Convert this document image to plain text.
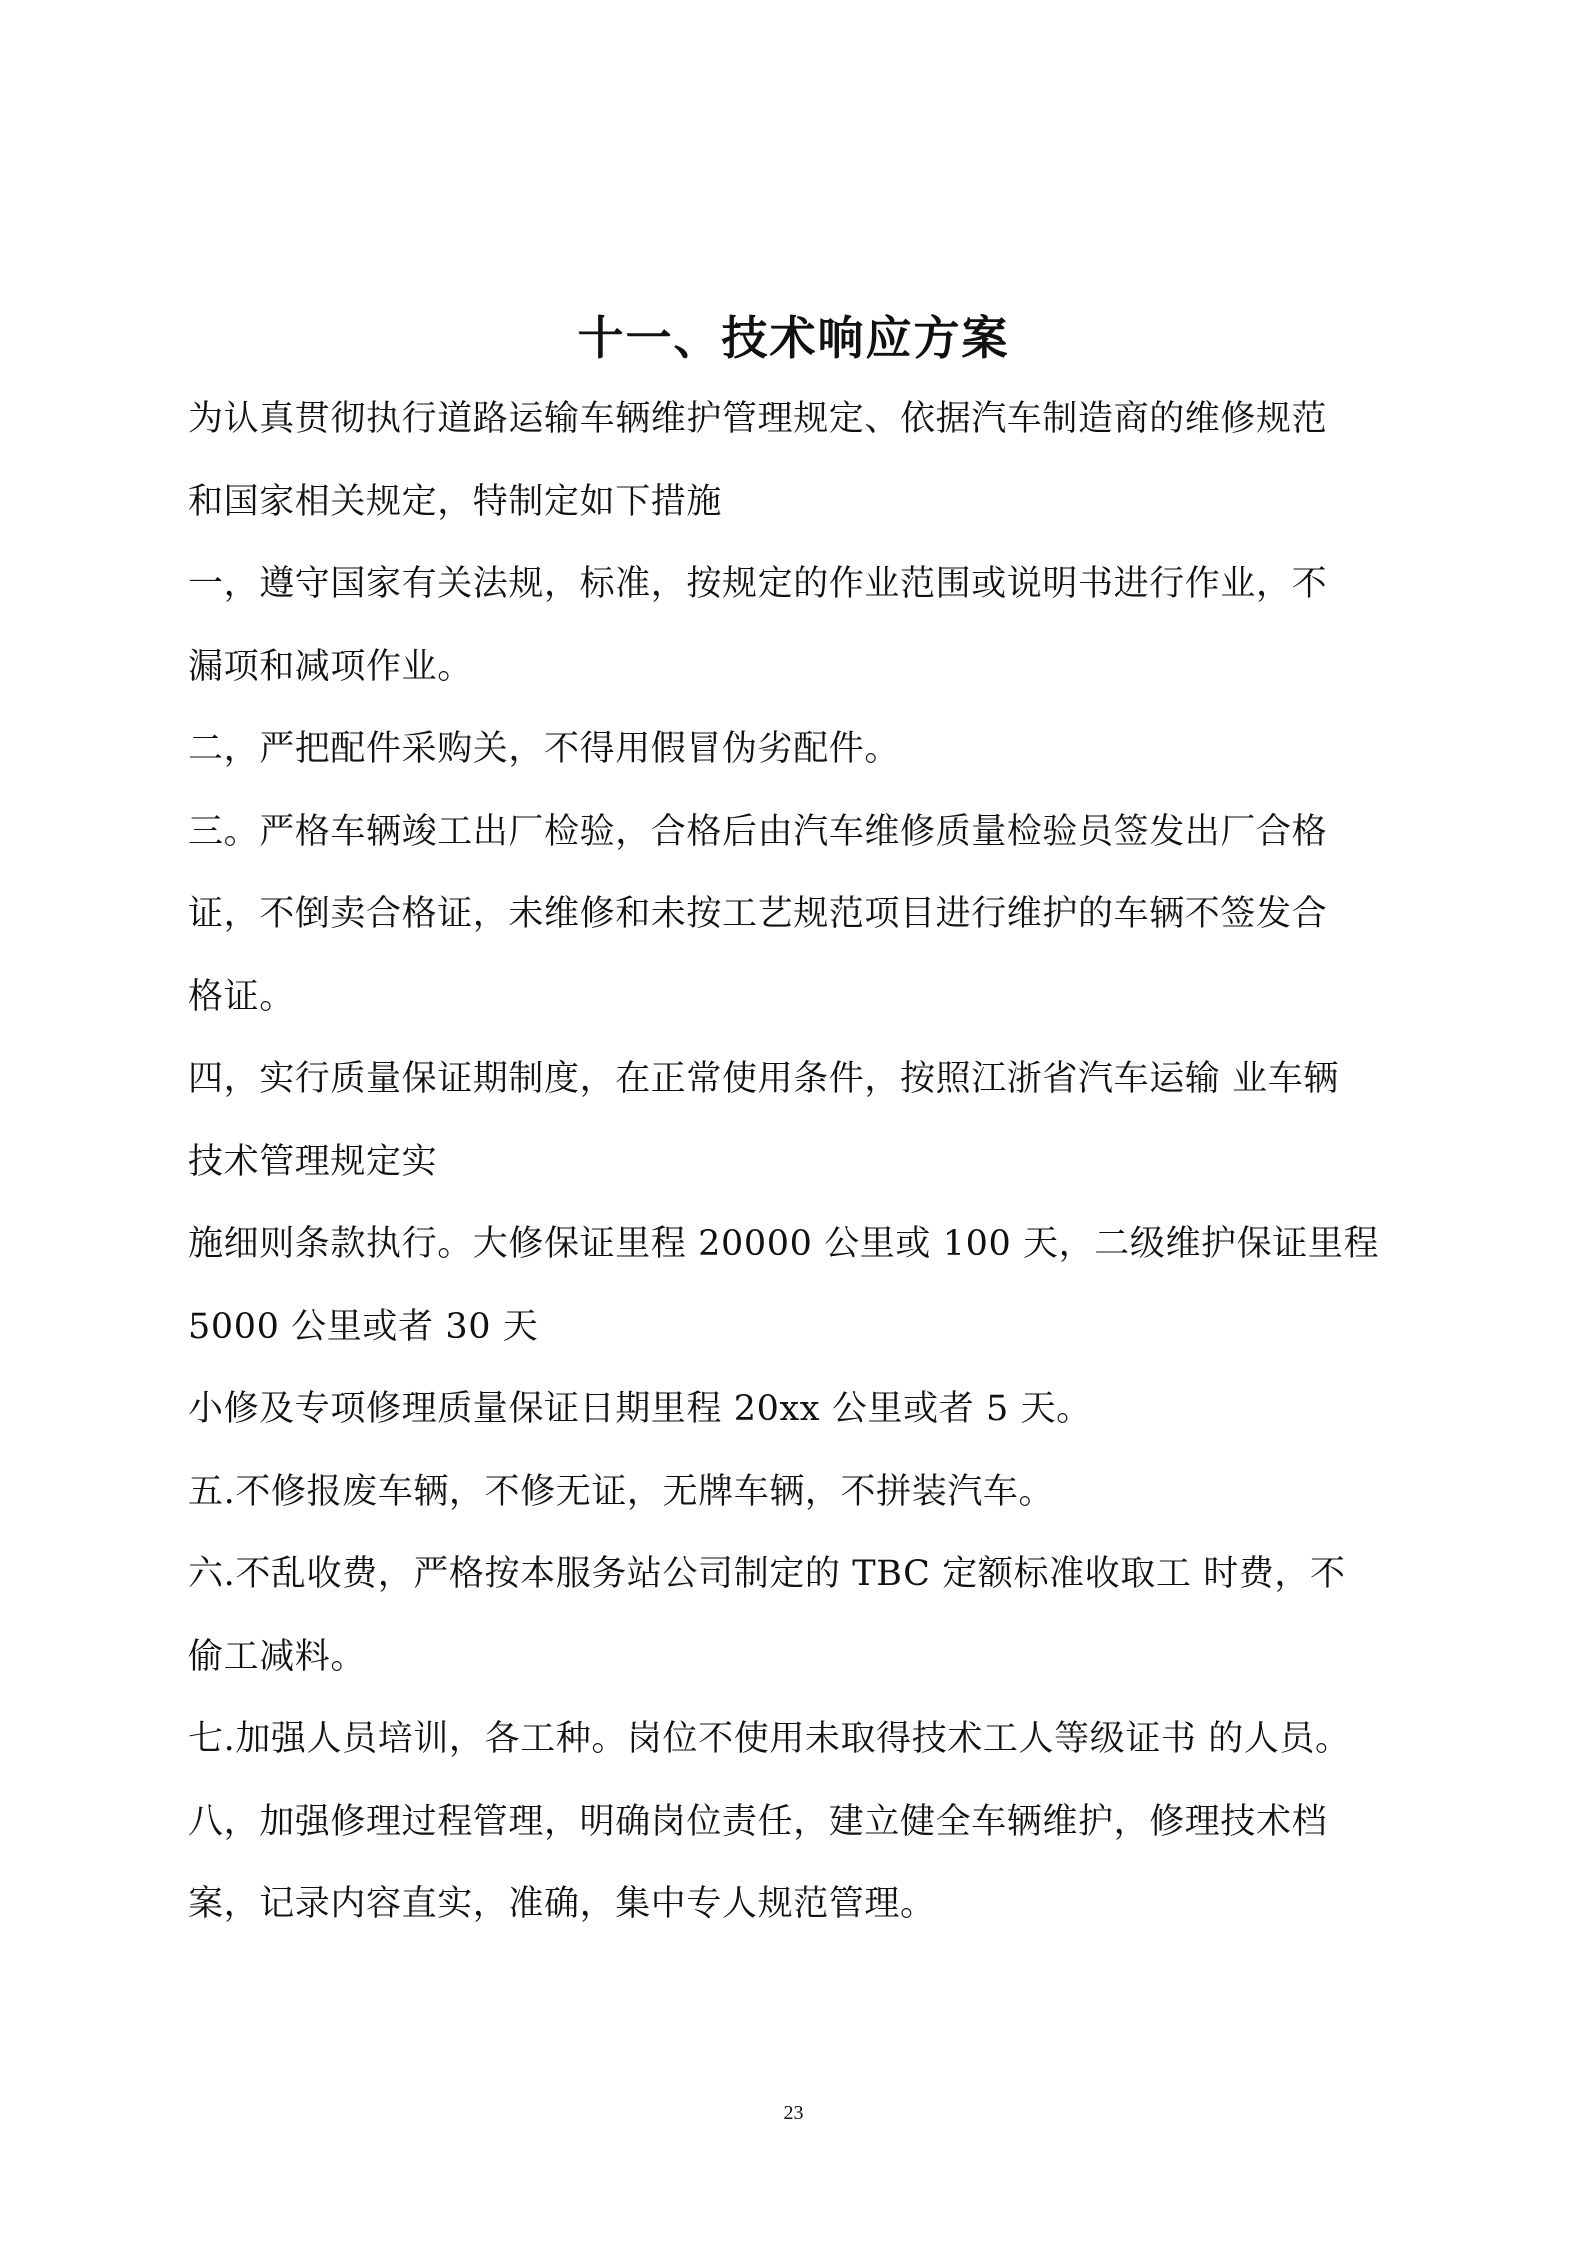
十一、技术响应方案
为认真贯彻执行道路运输车辆维护管理规定、依据汽车制造商的维修规范
和国家相关规定，特制定如下措施
一，遵守国家有关法规，标准，按规定的作业范围或说明书进行作业，不
漏项和减项作业。
二，严把配件采购关，不得用假冒伪劣配件。
三。严格车辆竣工出厂检验，合格后由汽车维修质量检验员签发出厂合格
证，不倒卖合格证，未维修和未按工艺规范项目进行维护的车辆不签发合
格证。
四，实行质量保证期制度，在正常使用条件，按照江浙省汽车运输 业车辆
技术管理规定实
施细则条款执行。大修保证里程 20000 公里或 100 天，二级维护保证里程
5000 公里或者 30 天
小修及专项修理质量保证日期里程 20xx 公里或者 5 天。
五.不修报废车辆，不修无证，无牌车辆，不拼装汽车。
六.不乱收费，严格按本服务站公司制定的 TBC 定额标准收取工 时费，不
偷工减料。
七.加强人员培训，各工种。岗位不使用未取得技术工人等级证书 的人员。
八，加强修理过程管理，明确岗位责任，建立健全车辆维护，修理技术档
案，记录内容直实，准确，集中专人规范管理。
23
